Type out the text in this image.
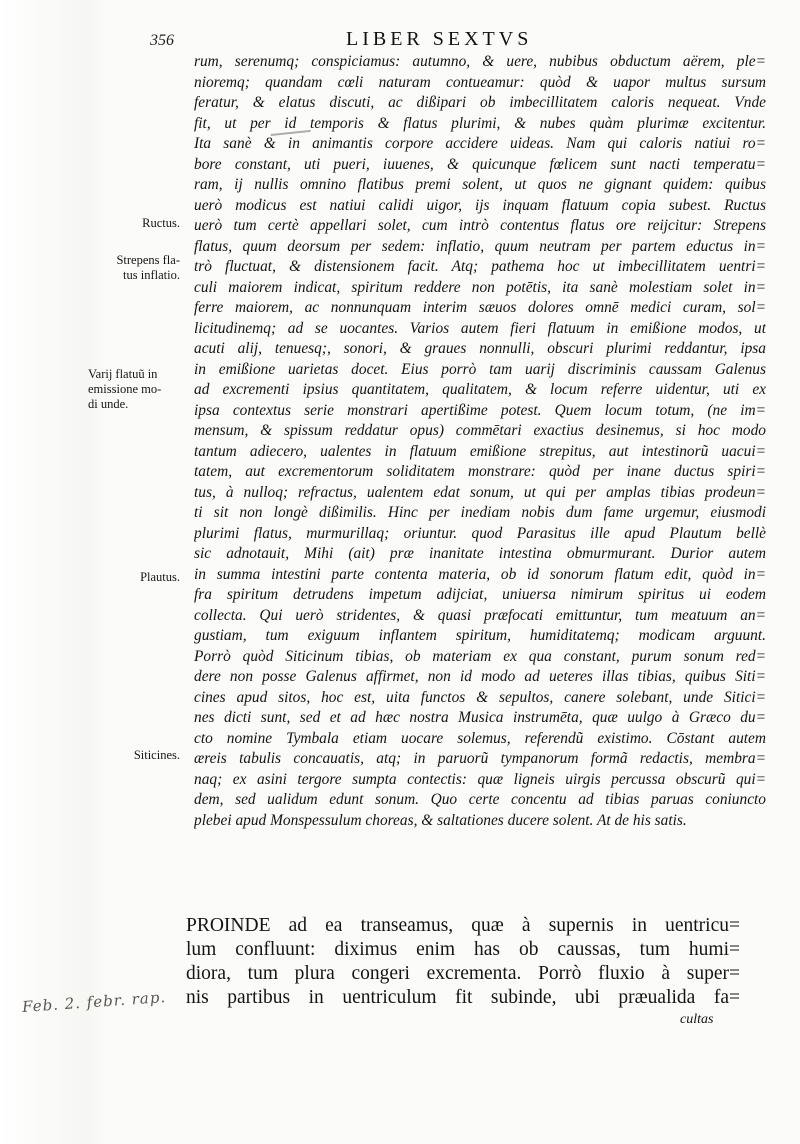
356	LIBER SEXTVS
Ructus.

Strepens fla-
tus inflatio.

Varij flatuũ in
emissione mo-
di unde.

Plautus.
Siticines.
rum, serenumq; conspiciamus: autumno, & uere, nubibus obductum aërem, ple=
nioremq; quandam cœli naturam contueamur: quòd & uapor multus sursum
feratur, & elatus discuti, ac dißipari ob imbecillitatem caloris nequeat. Vnde
fit, ut per id temporis & flatus plurimi, & nubes quàm plurimæ excitentur.
Ita sanè & in animantis corpore accidere uideas. Nam qui caloris natiui ro=
bore constant, uti pueri, iuuenes, & quicunque fœlicem sunt nacti temperatu=
ram, ij nullis omnino flatibus premi solent, ut quos ne gignant quidem: quibus
uerò modicus est natiui calidi uigor, ijs inquam flatuum copia subest. Ructus
uerò tum certè appellari solet, cum intrò contentus flatus ore reijcitur: Strepens
flatus, quum deorsum per sedem: inflatio, quum neutram per partem eductus in=
trò fluctuat, & distensionem facit. Atq; pathema hoc ut imbecillitatem uentri=
culi maiorem indicat, spiritum reddere non potētis, ita sanè molestiam solet in=
ferre maiorem, ac nonnunquam interim sæuos dolores omnē medici curam, sol=
licitudinemq; ad se uocantes. Varios autem fieri flatuum in emißione modos, ut
acuti alij, tenuesq;, sonori, & graues nonnulli, obscuri plurimi reddantur, ipsa
in emißione uarietas docet. Eius porrò tam uarij discriminis caussam Galenus
ad excrementi ipsius quantitatem, qualitatem, & locum referre uidentur, uti ex
ipsa contextus serie monstrari apertißime potest. Quem locum totum, (ne im=
mensum, & spissum reddatur opus) commētari exactius desinemus, si hoc modo
tantum adiecero, ualentes in flatuum emißione strepitus, aut intestinorũ uacui=
tatem, aut excrementorum soliditatem monstrare: quòd per inane ductus spiri=
tus, à nulloq; refractus, ualentem edat sonum, ut qui per amplas tibias prodeun=
ti sit non longè dißimilis. Hinc per inediam nobis dum fame urgemur, eiusmodi
plurimi flatus, murmurillaq; oriuntur. quod Parasitus ille apud Plautum bellè
sic adnotauit, Mihi (ait) præ inanitate intestina obmurmurant. Durior autem
in summa intestini parte contenta materia, ob id sonorum flatum edit, quòd in=
fra spiritum detrudens impetum adijciat, uniuersa nimirum spiritus ui eodem
collecta. Qui uerò stridentes, & quasi præfocati emittuntur, tum meatuum an=
gustiam, tum exiguum inflantem spiritum, humiditatemq; modicam arguunt.
Porrò quòd Siticinum tibias, ob materiam ex qua constant, purum sonum red=
dere non posse Galenus affirmet, non id modo ad ueteres illas tibias, quibus Siti=
cines apud sitos, hoc est, uita functos & sepultos, canere solebant, unde Sitici=
nes dicti sunt, sed et ad hæc nostra Musica instrumēta, quæ uulgo à Græco du=
cto nomine Tymbala etiam uocare solemus, referendũ existimo. Cōstant autem
æreis tabulis concauatis, atq; in paruorũ tympanorum formã redactis, membra=
naq; ex asini tergore sumpta contectis: quæ ligneis uirgis percussa obscurũ qui=
dem, sed ualidum edunt sonum. Quo certe concentu ad tibias paruas coniuncto
plebei apud Monspessulum choreas, & saltationes ducere solent. At de his satis.
PROINDE ad ea transeamus, quæ à supernis in uentricu=
lum confluunt: diximus enim has ob caussas, tum humi=
diora, tum plura congeri excrementa. Porrò fluxio à super=
nis partibus in uentriculum fit subinde, ubi præualida fa=
cultas
Feb. 2. febr. rap.
